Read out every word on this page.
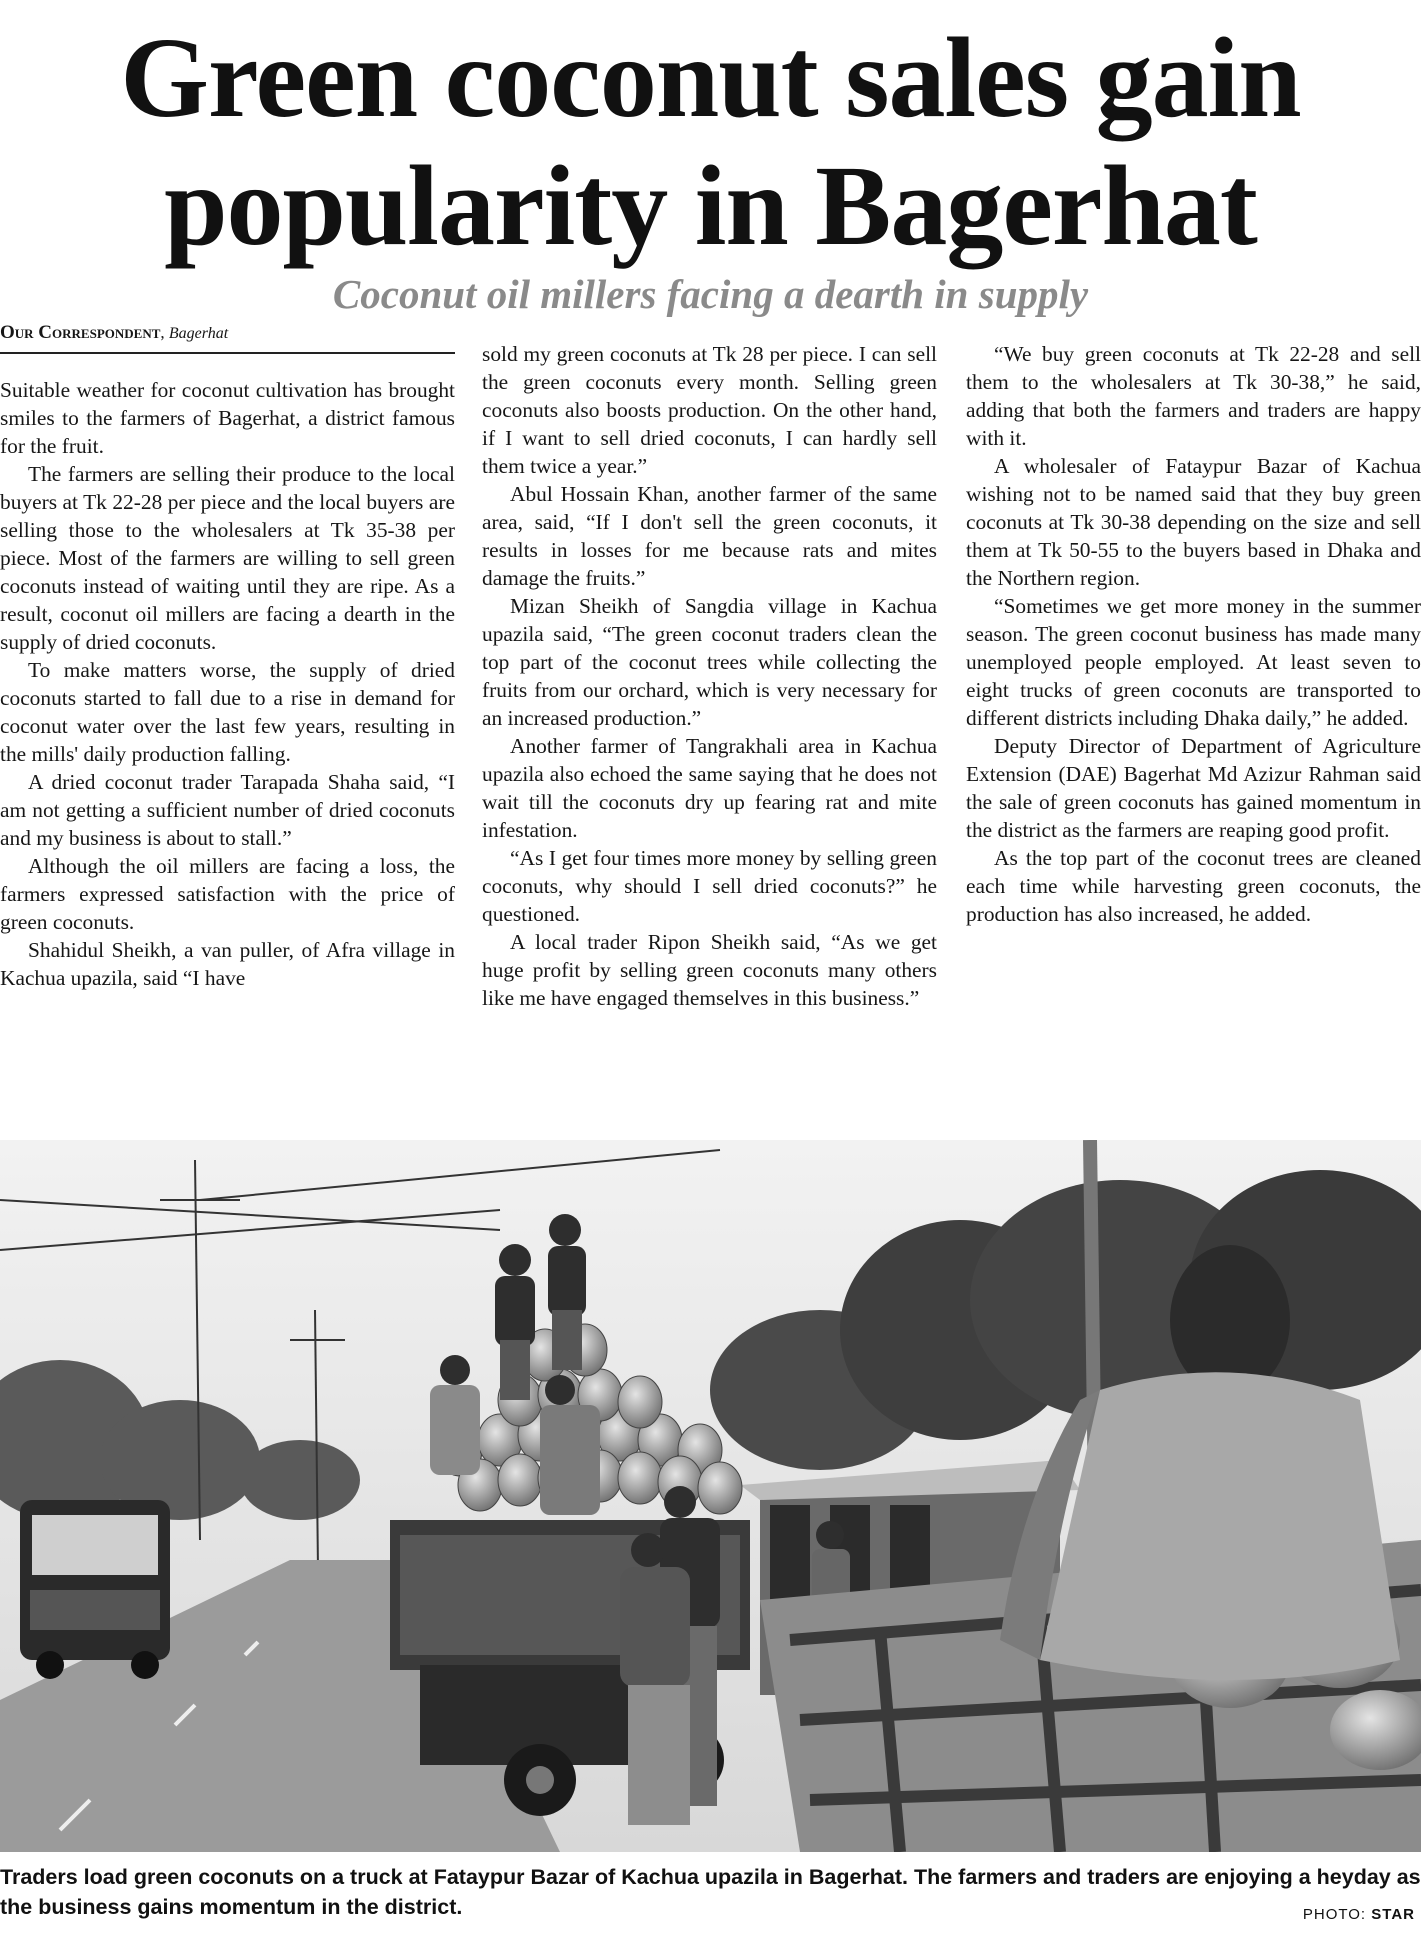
Green coconut sales gain
popularity in Bagerhat
Coconut oil millers facing a dearth in supply
Our Correspondent, Bagerhat

Suitable weather for coconut cultivation has brought smiles to the farmers of Bagerhat, a district famous for the fruit.

The farmers are selling their produce to the local buyers at Tk 22-28 per piece and the local buyers are selling those to the wholesalers at Tk 35-38 per piece. Most of the farmers are willing to sell green coconuts instead of waiting until they are ripe. As a result, coconut oil millers are facing a dearth in the supply of dried coconuts.

To make matters worse, the supply of dried coconuts started to fall due to a rise in demand for coconut water over the last few years, resulting in the mills' daily production falling.

A dried coconut trader Tarapada Shaha said, “I am not getting a sufficient number of dried coconuts and my business is about to stall.”

Although the oil millers are facing a loss, the farmers expressed satisfaction with the price of green coconuts.

Shahidul Sheikh, a van puller, of Afra village in Kachua upazila, said “I have

sold my green coconuts at Tk 28 per piece. I can sell the green coconuts every month. Selling green coconuts also boosts production. On the other hand, if I want to sell dried coconuts, I can hardly sell them twice a year.”

Abul Hossain Khan, another farmer of the same area, said, “If I don't sell the green coconuts, it results in losses for me because rats and mites damage the fruits.”

Mizan Sheikh of Sangdia village in Kachua upazila said, “The green coconut traders clean the top part of the coconut trees while collecting the fruits from our orchard, which is very necessary for an increased production.”

Another farmer of Tangrakhali area in Kachua upazila also echoed the same saying that he does not wait till the coconuts dry up fearing rat and mite infestation.

“As I get four times more money by selling green coconuts, why should I sell dried coconuts?” he questioned.

A local trader Ripon Sheikh said, “As we get huge profit by selling green coconuts many others like me have engaged themselves in this business.”

“We buy green coconuts at Tk 22-28 and sell them to the wholesalers at Tk 30-38,” he said, adding that both the farmers and traders are happy with it.

A wholesaler of Fataypur Bazar of Kachua wishing not to be named said that they buy green coconuts at Tk 30-38 depending on the size and sell them at Tk 50-55 to the buyers based in Dhaka and the Northern region.

“Sometimes we get more money in the summer season. The green coconut business has made many unemployed people employed. At least seven to eight trucks of green coconuts are transported to different districts including Dhaka daily,” he added.

Deputy Director of Department of Agriculture Extension (DAE) Bagerhat Md Azizur Rahman said the sale of green coconuts has gained momentum in the district as the farmers are reaping good profit.

As the top part of the coconut trees are cleaned each time while harvesting green coconuts, the production has also increased, he added.

Traders load green coconuts on a truck at Fataypur Bazar of Kachua upazila in Bagerhat. The farmers and traders are enjoying a heyday as the business gains momentum in the district.	PHOTO: STAR
